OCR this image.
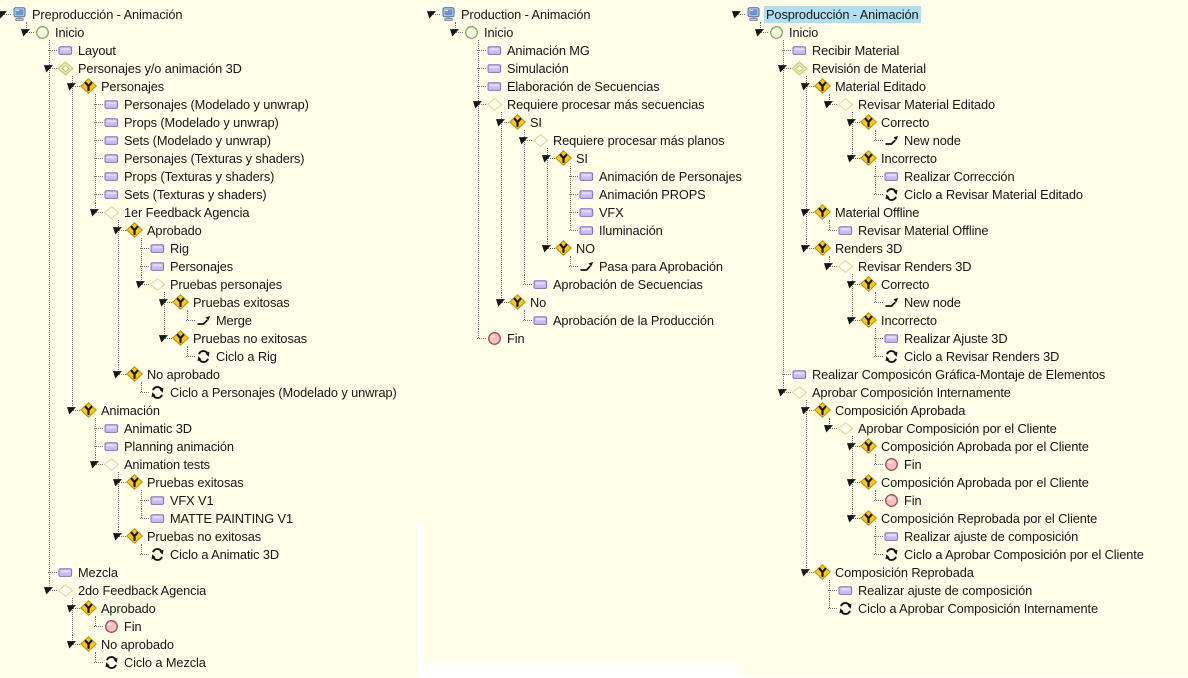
Preproducción - Animación
Inicio
Layout
Personajes y/o animación 3D
Personajes
Personajes (Modelado y unwrap)
Props (Modelado y unwrap)
Sets (Modelado y unwrap)
Personajes (Texturas y shaders)
Props (Texturas y shaders)
Sets (Texturas y shaders)
1er Feedback Agencia
Aprobado
Rig
Personajes
Pruebas personajes
Pruebas exitosas
Merge
Pruebas no exitosas
Ciclo a Rig
No aprobado
Ciclo a Personajes (Modelado y unwrap)
Animación
Animatic 3D
Planning animación
Animation tests
Pruebas exitosas
VFX V1
MATTE PAINTING V1
Pruebas no exitosas
Ciclo a Animatic 3D
Mezcla
2do Feedback Agencia
Aprobado
Fin
No aprobado
Ciclo a Mezcla
Production - Animación
Inicio
Animación MG
Simulación
Elaboración de Secuencias
Requiere procesar más secuencias
SI
Requiere procesar más planos
SI
Animación de Personajes
Animación PROPS
VFX
Iluminación
NO
Pasa para Aprobación
Aprobación de Secuencias
No
Aprobación de la Producción
Fin
Posproducción - Animación
Inicio
Recibir Material
Revisión de Material
Material Editado
Revisar Material Editado
Correcto
New node
Incorrecto
Realizar Corrección
Ciclo a Revisar Material Editado
Material Offline
Revisar Material Offline
Renders 3D
Revisar Renders 3D
Correcto
New node
Incorrecto
Realizar Ajuste 3D
Ciclo a Revisar Renders 3D
Realizar Composicón Gráfica-Montaje de Elementos
Aprobar Composición Internamente
Composición Aprobada
Aprobar Composición por el Cliente
Composición Aprobada por el Cliente
Fin
Composición Aprobada por el Cliente
Fin
Composición Reprobada por el Cliente
Realizar ajuste de composición
Ciclo a Aprobar Composición por el Cliente
Composición Reprobada
Realizar ajuste de composición
Ciclo a Aprobar Composición Internamente
